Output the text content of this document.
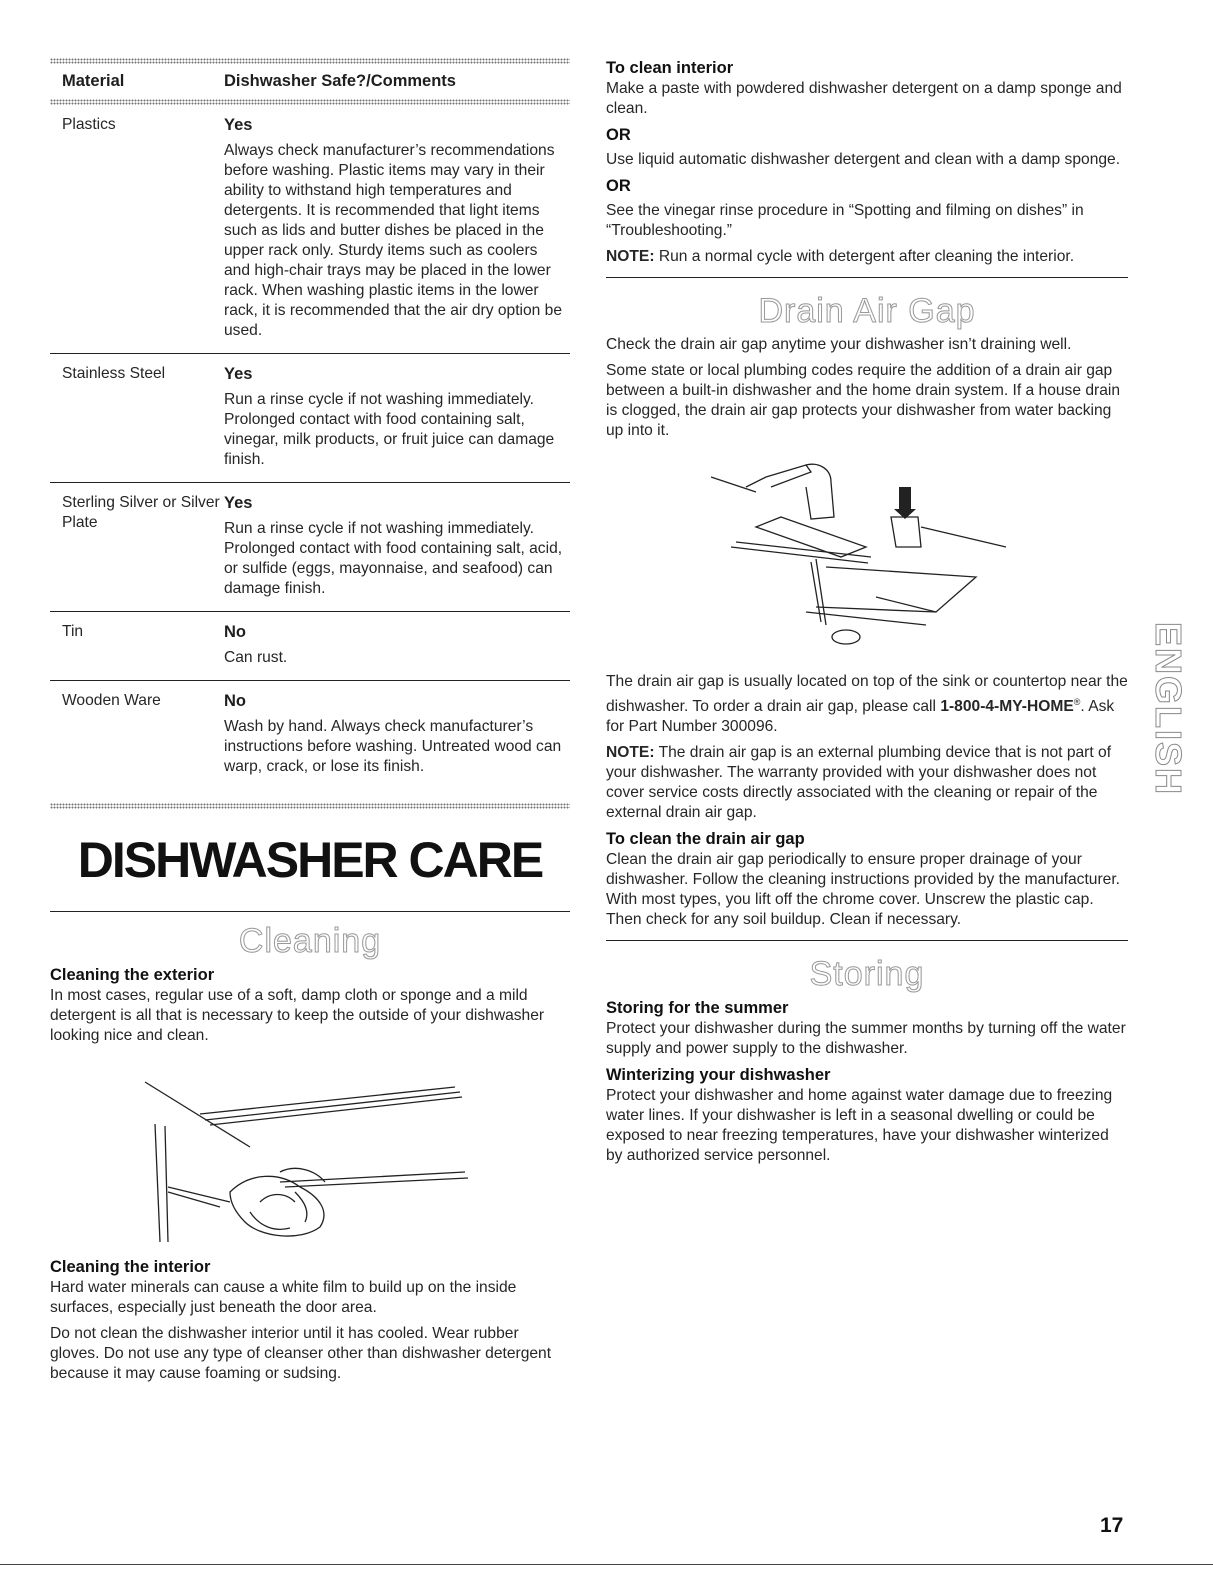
Material	Dishwasher Safe?/Comments
Plastics	Yes

Always check manufacturer’s recommendations before washing. Plastic items may vary in their ability to withstand high temperatures and detergents. It is recommended that light items such as lids and butter dishes be placed in the upper rack only. Sturdy items such as coolers and high-chair trays may be placed in the lower rack. When washing plastic items in the lower rack, it is recommended that the air dry option be used.

Stainless Steel	Yes

Run a rinse cycle if not washing immediately. Prolonged contact with food containing salt, vinegar, milk products, or fruit juice can damage finish.

Sterling Silver or Silver Plate
Yes

Run a rinse cycle if not washing immediately. Prolonged contact with food containing salt, acid, or sulfide (eggs, mayonnaise, and seafood) can damage finish.

Tin	No

Can rust.

Wooden Ware	No

Wash by hand. Always check manufacturer’s instructions before washing. Untreated wood can warp, crack, or lose its finish.

DISHWASHER CARE
Cleaning

Cleaning the exterior

In most cases, regular use of a soft, damp cloth or sponge and a mild detergent is all that is necessary to keep the outside of your dishwasher looking nice and clean.

Cleaning the interior

Hard water minerals can cause a white film to build up on the inside surfaces, especially just beneath the door area.

Do not clean the dishwasher interior until it has cooled. Wear rubber gloves. Do not use any type of cleanser other than dishwasher detergent because it may cause foaming or sudsing.

To clean interior

Make a paste with powdered dishwasher detergent on a damp sponge and clean.

OR

Use liquid automatic dishwasher detergent and clean with a damp sponge.

OR

See the vinegar rinse procedure in “Spotting and filming on dishes” in “Troubleshooting.”

NOTE: Run a normal cycle with detergent after cleaning the interior.

Drain Air Gap

Check the drain air gap anytime your dishwasher isn’t draining well.

Some state or local plumbing codes require the addition of a drain air gap between a built-in dishwasher and the home drain system. If a house drain is clogged, the drain air gap protects your dishwasher from water backing up into it.

The drain air gap is usually located on top of the sink or countertop near the dishwasher. To order a drain air gap, please call 1-800-4-MY-HOME®. Ask for Part Number 300096.

NOTE: The drain air gap is an external plumbing device that is not part of your dishwasher. The warranty provided with your dishwasher does not cover service costs directly associated with the cleaning or repair of the external drain air gap.

To clean the drain air gap

Clean the drain air gap periodically to ensure proper drainage of your dishwasher. Follow the cleaning instructions provided by the manufacturer. With most types, you lift off the chrome cover. Unscrew the plastic cap. Then check for any soil buildup. Clean if necessary.

Storing

Storing for the summer

Protect your dishwasher during the summer months by turning off the water supply and power supply to the dishwasher.

Winterizing your dishwasher

Protect your dishwasher and home against water damage due to freezing water lines. If your dishwasher is left in a seasonal dwelling or could be exposed to near freezing temperatures, have your dishwasher winterized by authorized service personnel.

ENGLISH
17
